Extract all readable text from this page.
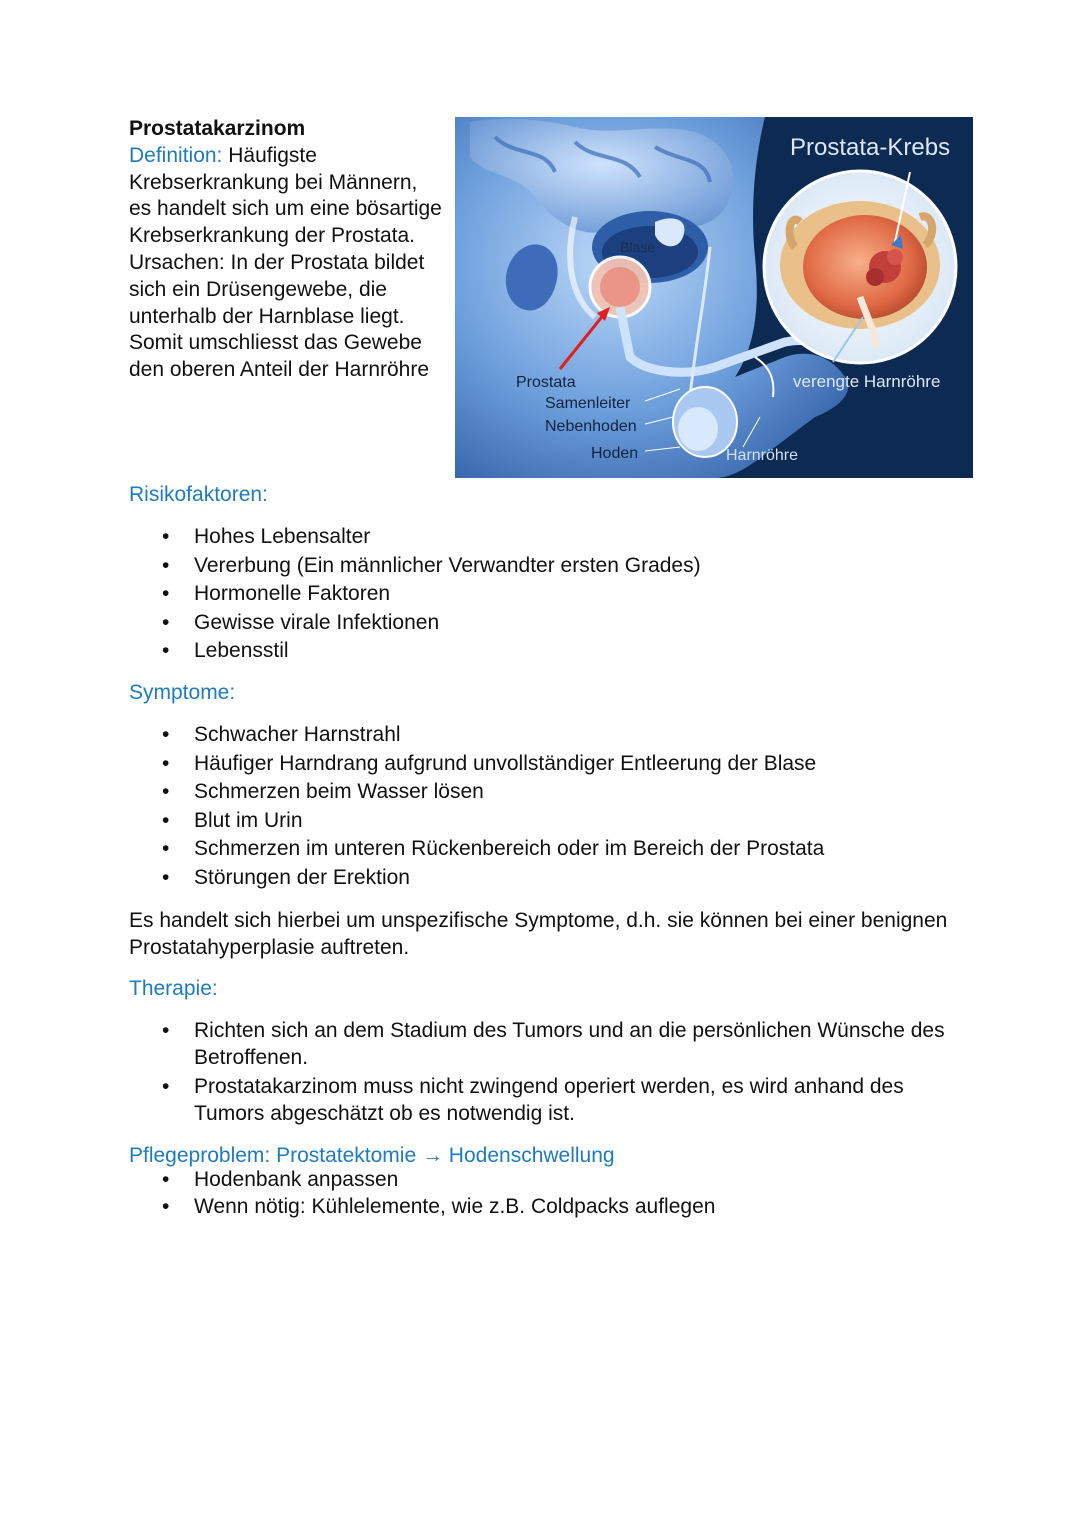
Prostatakarzinom
Definition: Häufigste Krebserkrankung bei Männern, es handelt sich um eine bösartige Krebserkrankung der Prostata.
Ursachen: In der Prostata bildet sich ein Drüsengewebe, die unterhalb der Harnblase liegt. Somit umschliesst das Gewebe den oberen Anteil der Harnröhre
Prostata-Krebs
Blase
Prostata
Samenleiter
Nebenhoden
Hoden	Harnröhre
verengte Harnröhre
Risikofaktoren:
• Hohes Lebensalter
• Vererbung (Ein männlicher Verwandter ersten Grades)
• Hormonelle Faktoren
• Gewisse virale Infektionen
• Lebensstil
Symptome:
• Schwacher Harnstrahl
• Häufiger Harndrang aufgrund unvollständiger Entleerung der Blase
• Schmerzen beim Wasser lösen
• Blut im Urin
• Schmerzen im unteren Rückenbereich oder im Bereich der Prostata
• Störungen der Erektion
Es handelt sich hierbei um unspezifische Symptome, d.h. sie können bei einer benignen Prostatahyperplasie auftreten.
Therapie:
• Richten sich an dem Stadium des Tumors und an die persönlichen Wünsche des Betroffenen.
• Prostatakarzinom muss nicht zwingend operiert werden, es wird anhand des Tumors abgeschätzt ob es notwendig ist.
Pflegeproblem: Prostatektomie → Hodenschwellung
• Hodenbank anpassen
• Wenn nötig: Kühlelemente, wie z.B. Coldpacks auflegen
